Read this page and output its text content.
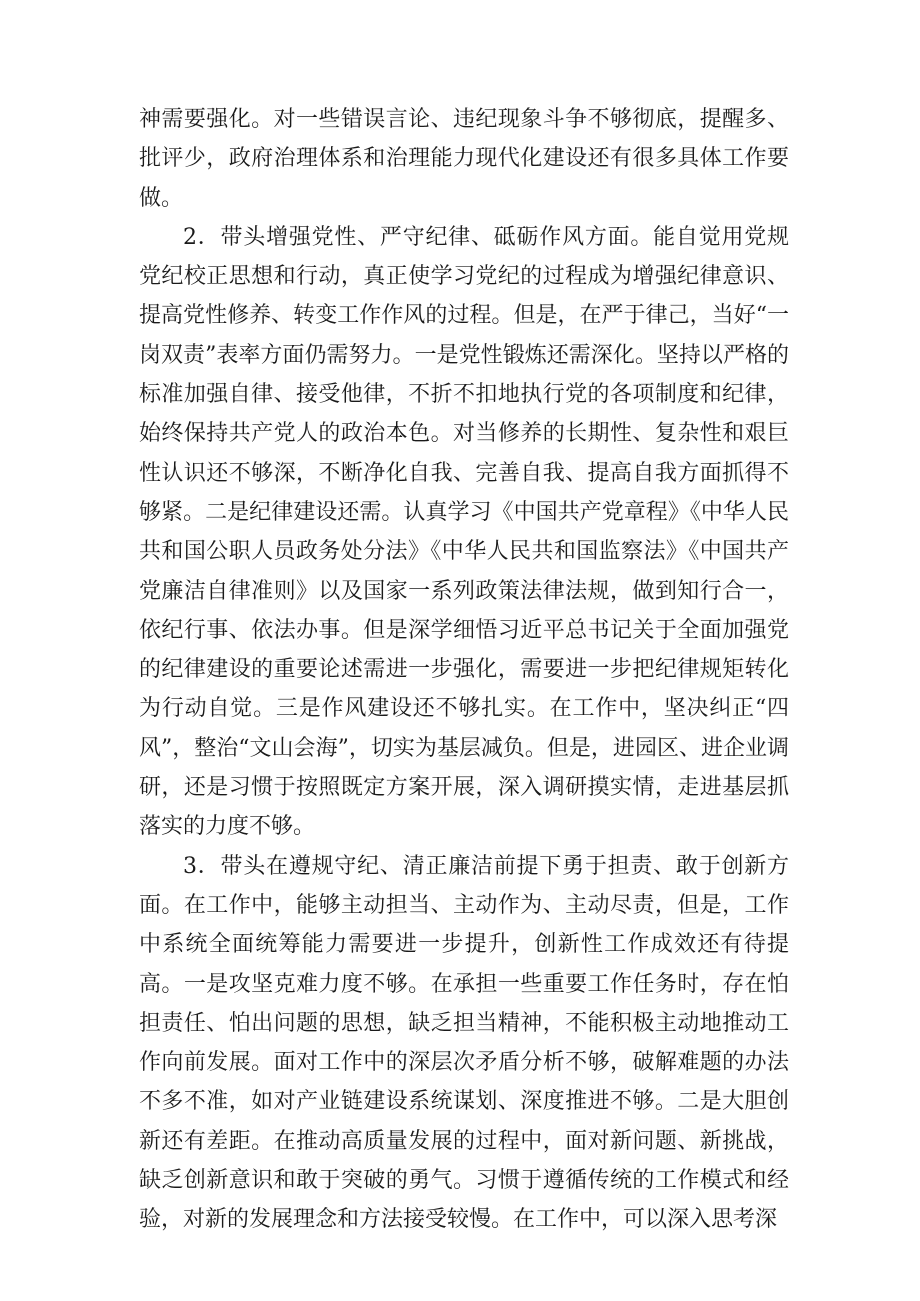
神需要强化。对一些错误言论、违纪现象斗争不够彻底，提醒多、批评少，政府治理体系和治理能力现代化建设还有很多具体工作要做。

2．带头增强党性、严守纪律、砥砺作风方面。能自觉用党规党纪校正思想和行动，真正使学习党纪的过程成为增强纪律意识、提高党性修养、转变工作作风的过程。但是，在严于律己，当好“一岗双责”表率方面仍需努力。一是党性锻炼还需深化。坚持以严格的标准加强自律、接受他律，不折不扣地执行党的各项制度和纪律，始终保持共产党人的政治本色。对当修养的长期性、复杂性和艰巨性认识还不够深，不断净化自我、完善自我、提高自我方面抓得不够紧。二是纪律建设还需。认真学习《中国共产党章程》《中华人民共和国公职人员政务处分法》《中华人民共和国监察法》《中国共产党廉洁自律准则》以及国家一系列政策法律法规，做到知行合一，依纪行事、依法办事。但是深学细悟习近平总书记关于全面加强党的纪律建设的重要论述需进一步强化，需要进一步把纪律规矩转化为行动自觉。三是作风建设还不够扎实。在工作中，坚决纠正“四风”，整治“文山会海”，切实为基层减负。但是，进园区、进企业调研，还是习惯于按照既定方案开展，深入调研摸实情，走进基层抓落实的力度不够。

3．带头在遵规守纪、清正廉洁前提下勇于担责、敢于创新方面。在工作中，能够主动担当、主动作为、主动尽责，但是，工作中系统全面统筹能力需要进一步提升，创新性工作成效还有待提高。一是攻坚克难力度不够。在承担一些重要工作任务时，存在怕担责任、怕出问题的思想，缺乏担当精神，不能积极主动地推动工作向前发展。面对工作中的深层次矛盾分析不够，破解难题的办法不多不准，如对产业链建设系统谋划、深度推进不够。二是大胆创新还有差距。在推动高质量发展的过程中，面对新问题、新挑战，缺乏创新意识和敢于突破的勇气。习惯于遵循传统的工作模式和经验，对新的发展理念和方法接受较慢。在工作中，可以深入思考深
